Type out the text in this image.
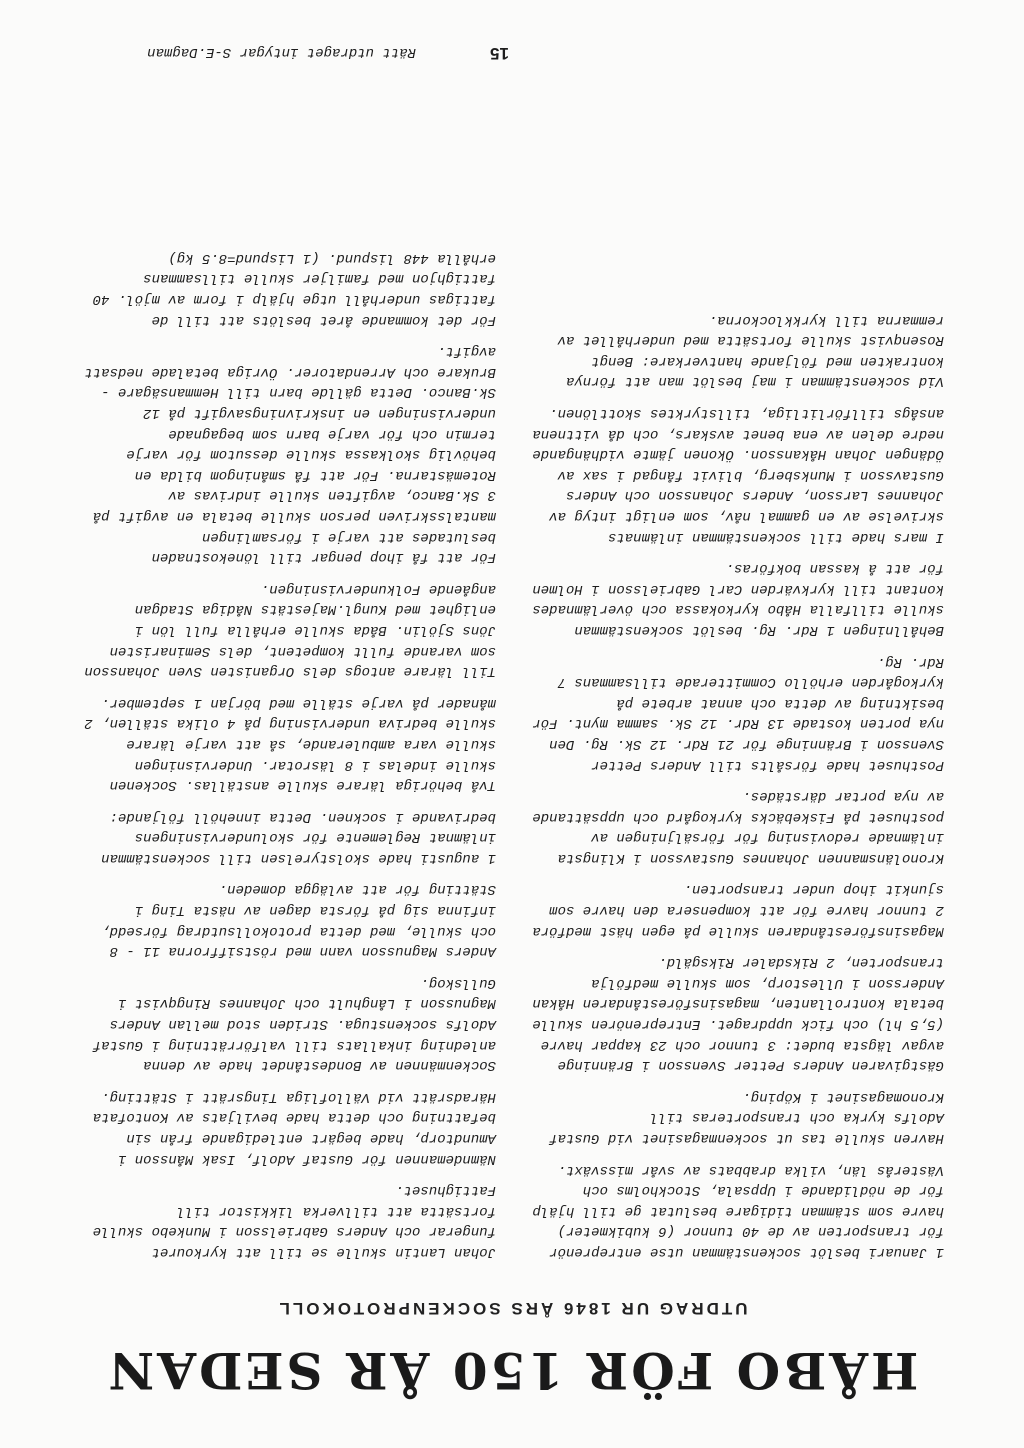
HÅBO FÖR 150 ÅR SEDAN
UTDRAG UR 1846 ÅRS SOCKENPROTOKOLL

1 Januari beslöt sockenstämman utse entreprenör för transporten av de 40 tunnor (6 kubikmeter) havre som stämman tidigare beslutat ge till hjälp för de nödlidande i Uppsala, Stockholms och Västerås län, vilka drabbats av svår missväxt.

Havren skulle tas ut sockenmagasinet vid Gustaf Adolfs kyrka och transporteras till Kronomagasinet i Köping.

Gästgivaren Anders Petter Svensson i Bränninge avgav lägsta budet: 3 tunnor och 23 kappar havre (5,5 hl) och fick uppdraget. Entreprenören skulle betala kontrollanten, magasinsföreståndaren Håkan Andersson i Ullestorp, som skulle medfölja transporten, 2 Riksdaler Riksgäld.

Magasinsföreståndaren skulle på egen häst medföra 2 tunnor havre för att kompensera den havre som sjunkit ihop under transporten.

Kronolänsmannen Johannes Gustavsson i Klingsta inlämnade redovisning för försäljningen av posthuset på Fiskebäcks kyrkogård och uppsättande av nya portar därstädes.

Posthuset hade försålts till Anders Petter Svensson i Bränninge för 21 Rdr. 12 Sk. Rg. Den nya porten kostade 13 Rdr. 12 Sk. samma mynt. För besiktning av detta och annat arbete på kyrkogården erhöllo Committerade tillsammans 7 Rdr. Rg.

Behållningen 1 Rdr. Rg. beslöt sockenstämman skulle tillfalla Håbo kyrkokassa och överlämnades kontant till kyrkvärden Carl Gabrielsson i Holmen för att å kassan bokföras.

I mars hade till sockenstämman inlämnats skrivelse av en gammal nåv, som enligt intyg av Johannes Larsson, Anders Johansson och Anders Gustavsson i Munksberg, blivit fångad i sax av Ödängen Johan Håkansson. Ökonen jämte vidhängande nedre delen av ena benet avskars, och då vittnena ansågs tillförlitliga, tillstyrktes skottlönen.

Vid sockenstämman i maj beslöt man att förnya kontrakten med följande hantverkare: Bengt Rosenqvist skulle fortsätta med underhållet av remmarna till kyrkklockorna.

Johan Lantin skulle se till att kyrkouret fungerar och Anders Gabrielsson i Munkebo skulle fortsätta att tillverka likkistor till Fattighuset.

Nämndemannen för Gustaf Adolf, Isak Månsson i Amundtorp, hade begärt entledigande från sin befattning och detta hade beviljats av Kontofata Häradsrätt vid Vällofliga Tingsrätt i Stätting.

Sockenmännen av Bondeståndet hade av denna anledning inkallats till valförrättning i Gustaf Adolfs sockenstuga. Striden stod mellan Anders Magnusson i Långhult och Johannes Ringqvist i Gullskog.

Anders Magnusson vann med röstsiffrorna 11 - 8 och skulle, med detta protokollsutdrag försedd, infinna sig på första dagen av nästa Ting i Stätting för att avlägga domeden.

1 augusti hade skolstyrelsen till sockenstämman inlämnat Reglemente för skolundervisningens bedrivande i socknen. Detta innehöll följande:

Två behöriga lärare skulle anställas. Sockenen skulle indelas i 8 läsrotar. Undervisningen skulle vara ambulerande, så att varje lärare skulle bedriva undervisning på 4 olika ställen, 2 månader på varje ställe med början 1 september.

Till lärare antogs dels Organisten Sven Johansson som varande fullt kompetent, dels Seminaristen Jöns Sjölin. Båda skulle erhålla full lön i enlighet med Kungl.Majestäts Nådiga Stadgan angående Folkundervisningen.

För att få ihop pengar till lönekostnaden beslutades att varje i församlingen mantalsskriven person skulle betala en avgift på 3 Sk.Banco, avgiften skulle indrivas av Rotemästarna. För att få småningom bilda en behövlig skolkassa skulle dessutom för varje termin och för varje barn som begagnade undervisningen en inskrivningsavgift på 12 Sk.Banco. Detta gällde barn till Hemmansägare - Brukare och Arrendatorer. Övriga betalade nedsatt avgift.

För det kommande året beslöts att till de fattigas underhåll utge hjälp i form av mjöl. 40 fattighjon med familjer skulle tillsammans erhålla 448 lispund. (1 Lispund=8.5 kg)

15
Rätt utdraget intygar S-E.Dagman
